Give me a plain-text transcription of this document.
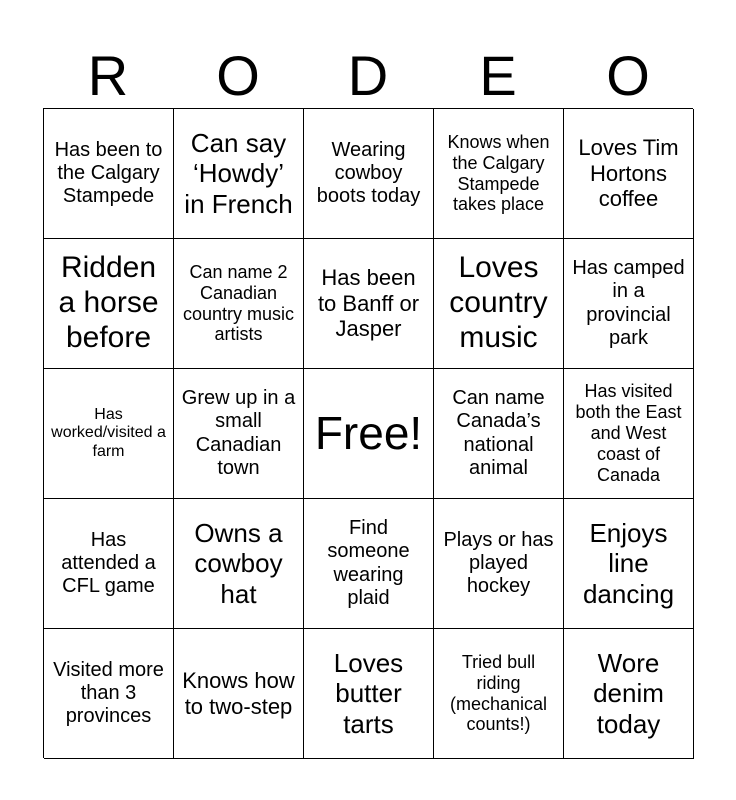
R	O	D	E	O
Has been to the Calgary Stampede
Can say ‘Howdy’ in French
Wearing cowboy boots today
Knows when the Calgary Stampede takes place
Loves Tim Hortons coffee
Ridden a horse before
Can name 2 Canadian country music artists
Has been to Banff or Jasper
Loves country music
Has camped in a provincial park
Has worked/visited a farm
Grew up in a small Canadian town
Free!
Can name Canada’s national animal
Has visited both the East and West coast of Canada
Has attended a CFL game
Owns a cowboy hat
Find someone wearing plaid
Plays or has played hockey
Enjoys line dancing
Visited more than 3 provinces
Knows how to two-step
Loves butter tarts
Tried bull riding (mechanical counts!)
Wore denim today
